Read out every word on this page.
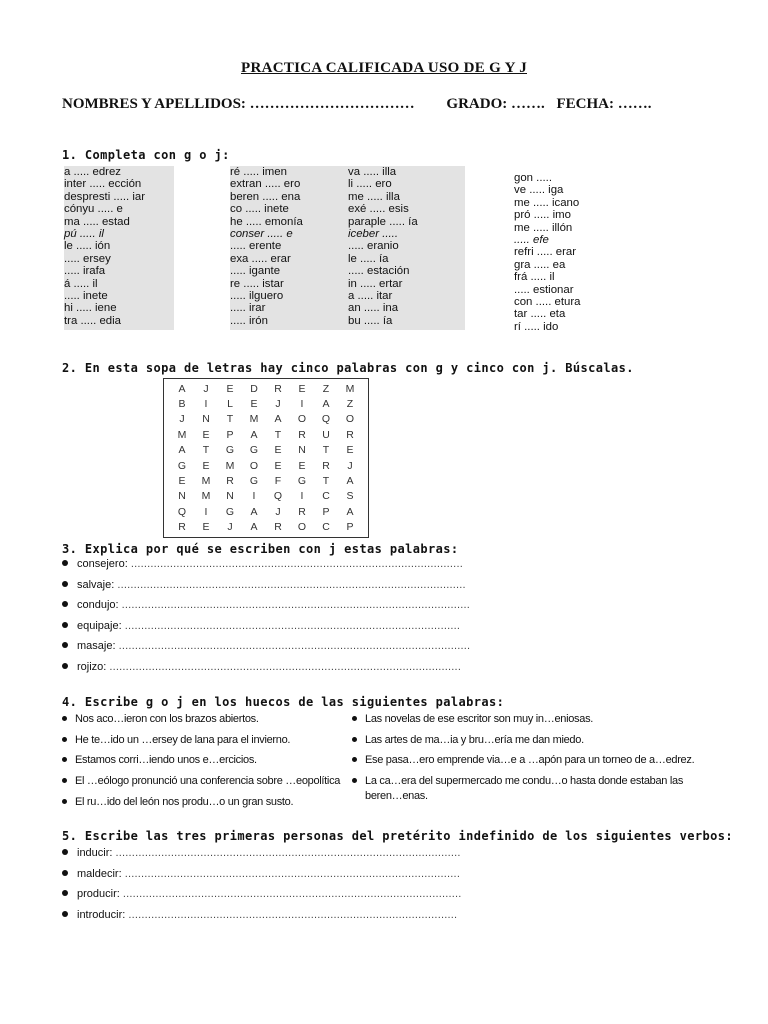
PRACTICA CALIFICADA USO DE G Y J
NOMBRES Y APELLIDOS: …………………………… GRADO: ……. FECHA: …….
1. Completa con g o j:
a ..... edrez
inter ..... ección
despresti ..... iar
cónyu ..... e
ma ..... estad
pú ..... il
le ..... ión
..... ersey
..... irafa
á ..... il
..... inete
hi ..... iene
tra ..... edia
ré ..... imen
extran ..... ero
beren ..... ena
co ..... inete
he ..... emonía
conser ..... e
..... erente
exa ..... erar
..... igante
re ..... istar
..... ilguero
..... irar
..... irón
va ..... illa
li ..... ero
me ..... illa
exé ..... esis
paraple ..... ía
iceber .....
..... eranio
le ..... ía
..... estación
in ..... ertar
a ..... itar
an ..... ina
bu ..... ía
gon .....
ve ..... iga
me ..... icano
pró ..... imo
me ..... illón
..... efe
refri ..... erar
gra ..... ea
frá ..... il
..... estionar
con ..... etura
tar ..... eta
rí ..... ido
2. En esta sopa de letras hay cinco palabras con g y cinco con j. Búscalas.
A	J	E	D	R	E	Z	M
B	I	L	E	J	I	A	Z
J	N	T	M	A	O	Q	O
M	E	P	A	T	R	U	R
A	T	G	G	E	N	T	E
G	E	M	O	E	E	R	J
E	M	R	G	F	G	T	A
N	M	N	I	Q	I	C	S
Q	I	G	A	J	R	P	A
R	E	J	A	R	O	C	P
3. Explica por qué se escriben con j estas palabras:
consejero: ......................................................................................................
salvaje: ...........................................................................................................
condujo: ...........................................................................................................
equipaje: .......................................................................................................
masaje: ............................................................................................................
rojizo: ............................................................................................................
4. Escribe g o j en los huecos de las siguientes palabras:
Nos aco…ieron con los brazos abiertos.
He te…ido un …ersey de lana para el invierno.
Estamos corri…iendo unos e…ercicios.
El …eólogo pronunció una conferencia sobre …eopolítica
El ru…ido del león nos produ…o un gran susto.
Las novelas de ese escritor son muy in…eniosas.
Las artes de ma…ia y bru…ería me dan miedo.
Ese pasa…ero emprende via…e a …apón para un torneo de a…edrez.
La ca…era del supermercado me condu…o hasta donde estaban las beren…enas.
5. Escribe las tres primeras personas del pretérito indefinido de los siguientes verbos:
inducir: ..........................................................................................................
maldecir: .......................................................................................................
producir: ........................................................................................................
introducir: .....................................................................................................
